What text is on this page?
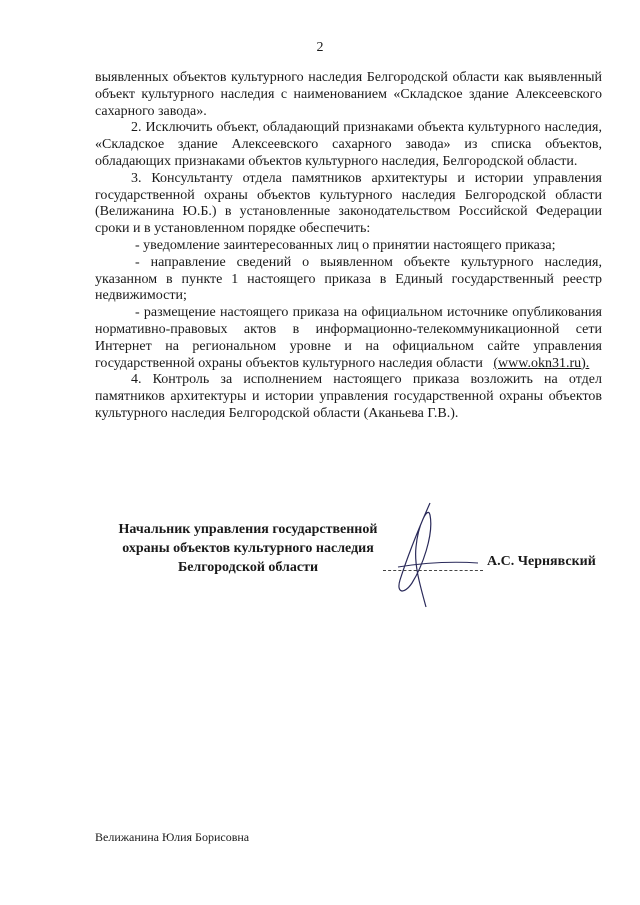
2

выявленных объектов культурного наследия Белгородской области как выявленный объект культурного наследия с наименованием «Складское здание Алексеевского сахарного завода».

2. Исключить объект, обладающий признаками объекта культурного наследия, «Складское здание Алексеевского сахарного завода» из списка объектов, обладающих признаками объектов культурного наследия, Белгородской области.

3. Консультанту отдела памятников архитектуры и истории управления государственной охраны объектов культурного наследия Белгородской области (Велижанина Ю.Б.) в установленные законодательством Российской Федерации сроки и в установленном порядке обеспечить:

- уведомление заинтересованных лиц о принятии настоящего приказа;

- направление сведений о выявленном объекте культурного наследия, указанном в пункте 1 настоящего приказа в Единый государственный реестр недвижимости;

- размещение настоящего приказа на официальном источнике опубликования нормативно-правовых актов в информационно-телекоммуникационной сети Интернет на региональном уровне и на официальном сайте управления государственной охраны объектов культурного наследия области (www.okn31.ru).

4. Контроль за исполнением настоящего приказа возложить на отдел памятников архитектуры и истории управления государственной охраны объектов культурного наследия Белгородской области (Аканьева Г.В.).

Начальник управления государственной
охраны объектов культурного наследия
Белгородской области	А.С. Чернявский
Велижанина Юлия Борисовна
